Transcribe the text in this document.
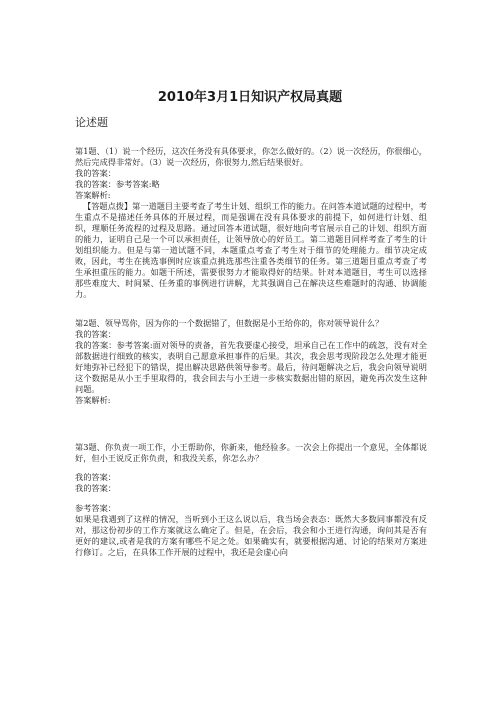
2010年3月1日知识产权局真题
论述题

第1题、（1）说一个经历，这次任务没有具体要求，你怎么做好的。（2）说一次经历，你很细心，然后完成得非常好。（3）说一次经历，你很努力,然后结果很好。

我的答案：

我的答案：参考答案:略

答案解析:

【答题点拨】第一道题目主要考查了考生计划、组织工作的能力。在问答本道试题的过程中，考生重点不是描述任务具体的开展过程，而是强调在没有具体要求的前提下，如何进行计划、组织，理顺任务流程的过程及思路。通过回答本道试题，很好地向考官展示自己的计划、组织方面的能力，证明自己是一个可以承担责任，让领导放心的好员工。第二道题目同样考查了考生的计划组织能力。但是与第一道试题不同，本题重点考查了考生对于细节的处理能力。细节决定成败，因此，考生在挑选事例时应该重点挑选那些注重各类细节的任务。第三道题目重点考查了考生承担重压的能力。如题干所述，需要很努力才能取得好的结果。针对本道题目，考生可以选择那些难度大、时间紧、任务重的事例进行讲解，尤其强调自己在解决这些难题时的沟通、协调能力。

第2题、领导骂你，因为你的一个数据错了，但数据是小王给你的，你对领导说什么？

我的答案：

我的答案：参考答案:面对领导的责备，首先我要虚心接受，坦承自己在工作中的疏忽，没有对全部数据进行细致的核实，表明自己愿意承担事件的后果。其次，我会思考现阶段怎么处理才能更好地弥补已经犯下的错误，提出解决思路供领导参考。最后，待问题解决之后，我会向领导说明这个数据是从小王手里取得的，我会回去与小王进一步核实数据出错的原因，避免再次发生这种问题。

答案解析:

第3题、你负责一项工作，小王帮助你，你新来，他经验多。一次会上你提出一个意见，全体都说好，但小王说反正你负责，和我没关系，你怎么办？

我的答案：

我的答案：

参考答案：

如果是我遇到了这样的情况，当听到小王这么说以后，我当场会表态：既然大多数同事都没有反对，那这份初步的工作方案就这么确定了。但是，在会后，我会和小王进行沟通，询问其是否有更好的建议,或者是我的方案有哪些不足之处。如果确实有，就要根据沟通、讨论的结果对方案进行修订。之后，在具体工作开展的过程中，我还是会虚心向
